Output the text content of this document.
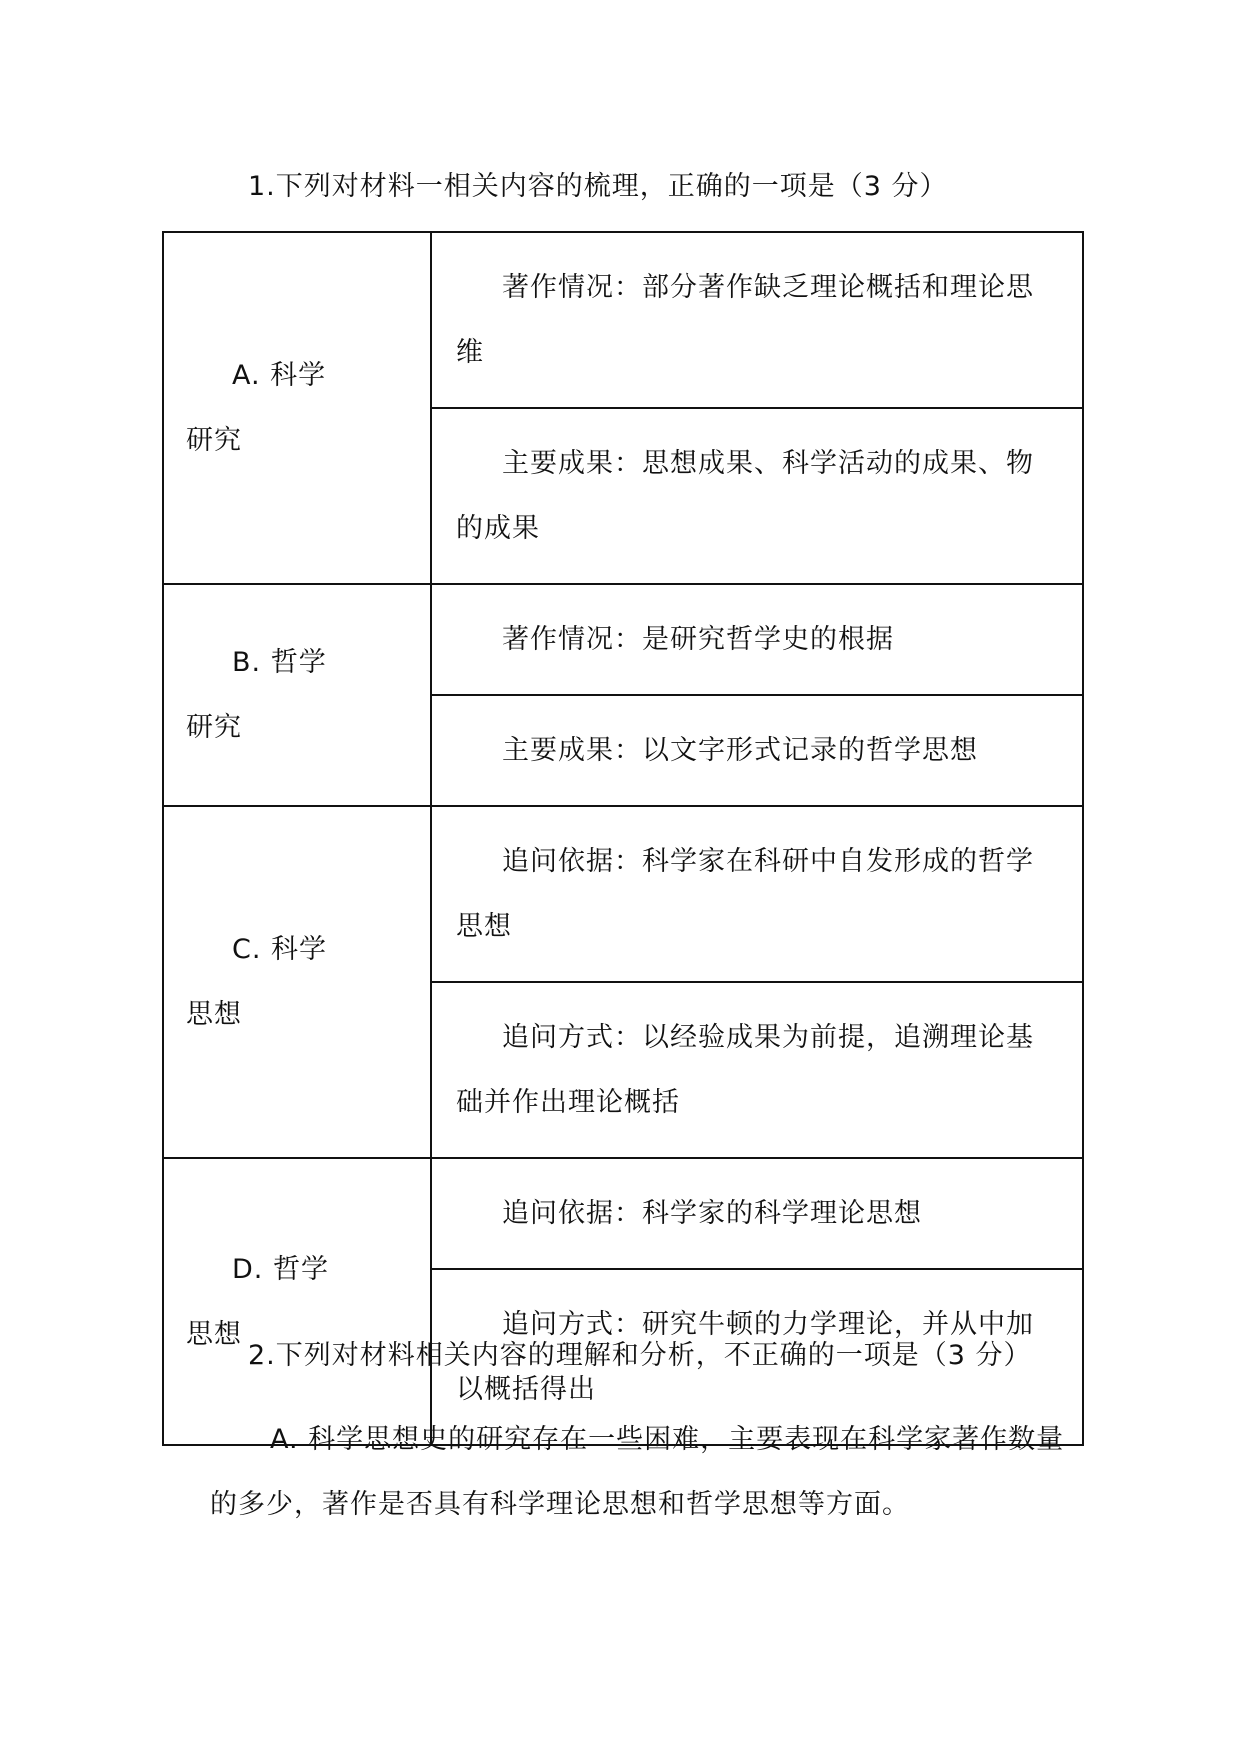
1.下列对材料一相关内容的梳理，正确的一项是（3 分）
A. 科学
研究	著作情况：部分著作缺乏理论概括和理论思维

	主要成果：思想成果、科学活动的成果、物的成果

B. 哲学
研究	著作情况：是研究哲学史的根据

	主要成果：以文字形式记录的哲学思想

C. 科学
思想	追问依据：科学家在科研中自发形成的哲学思想

	追问方式：以经验成果为前提，追溯理论基础并作出理论概括

D. 哲学
思想	追问依据：科学家的科学理论思想

	追问方式：研究牛顿的力学理论，并从中加以概括得出
2.下列对材料相关内容的理解和分析，不正确的一项是（3 分）
A. 科学思想史的研究存在一些困难，主要表现在科学家著作数量的多少，著作是否具有科学理论思想和哲学思想等方面。
